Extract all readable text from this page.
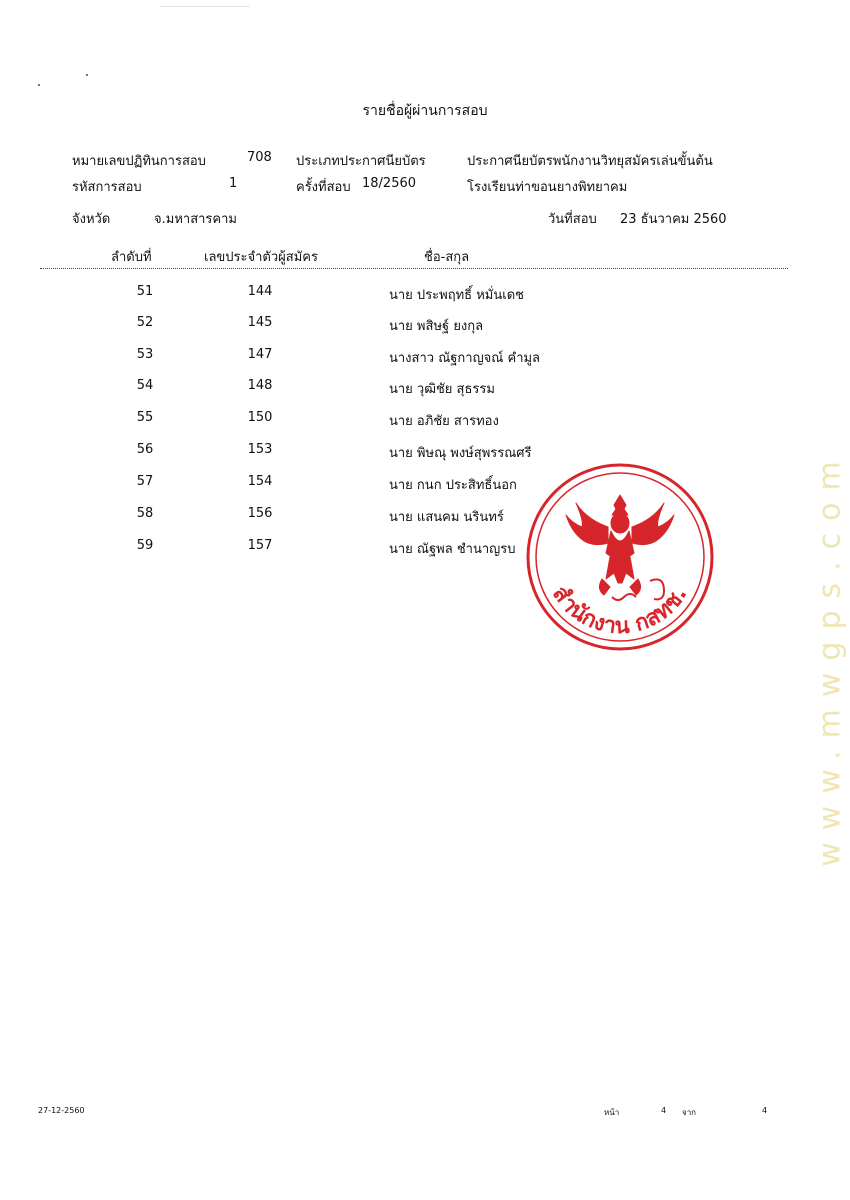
รายชื่อผู้ผ่านการสอบ
หมายเลขปฏิทินการสอบ	708 ประเภทประกาศนียบัตร	ประกาศนียบัตรพนักงานวิทยุสมัครเล่นขั้นต้น
รหัสการสอบ	1	ครั้งที่สอบ 18/2560	โรงเรียนท่าขอนยางพิทยาคม
จังหวัด	จ.มหาสารคาม	วันที่สอบ 23 ธันวาคม 2560
ลำดับที่	เลขประจำตัวผู้สมัคร	ชื่อ-สกุล
51	144	นาย ประพฤทธิ์ หมั่นเดช
52	145	นาย พสิษฐ์ ยงกุล
53	147	นางสาว ณัฐกาญจณ์ คำมูล
54	148	นาย วุฒิชัย สุธรรม
55	150	นาย อภิชัย สารทอง
56	153	นาย พิษณุ พงษ์สุพรรณศรี
57	154	นาย กนก ประสิทธิ์นอก
58	156	นาย แสนคม นรินทร์
59	157	นาย ณัฐพล ชำนาญรบ
สำนักงาน กสทช.	www.mwgps.com
27-12-2560	หน้า	4 จาก	4
